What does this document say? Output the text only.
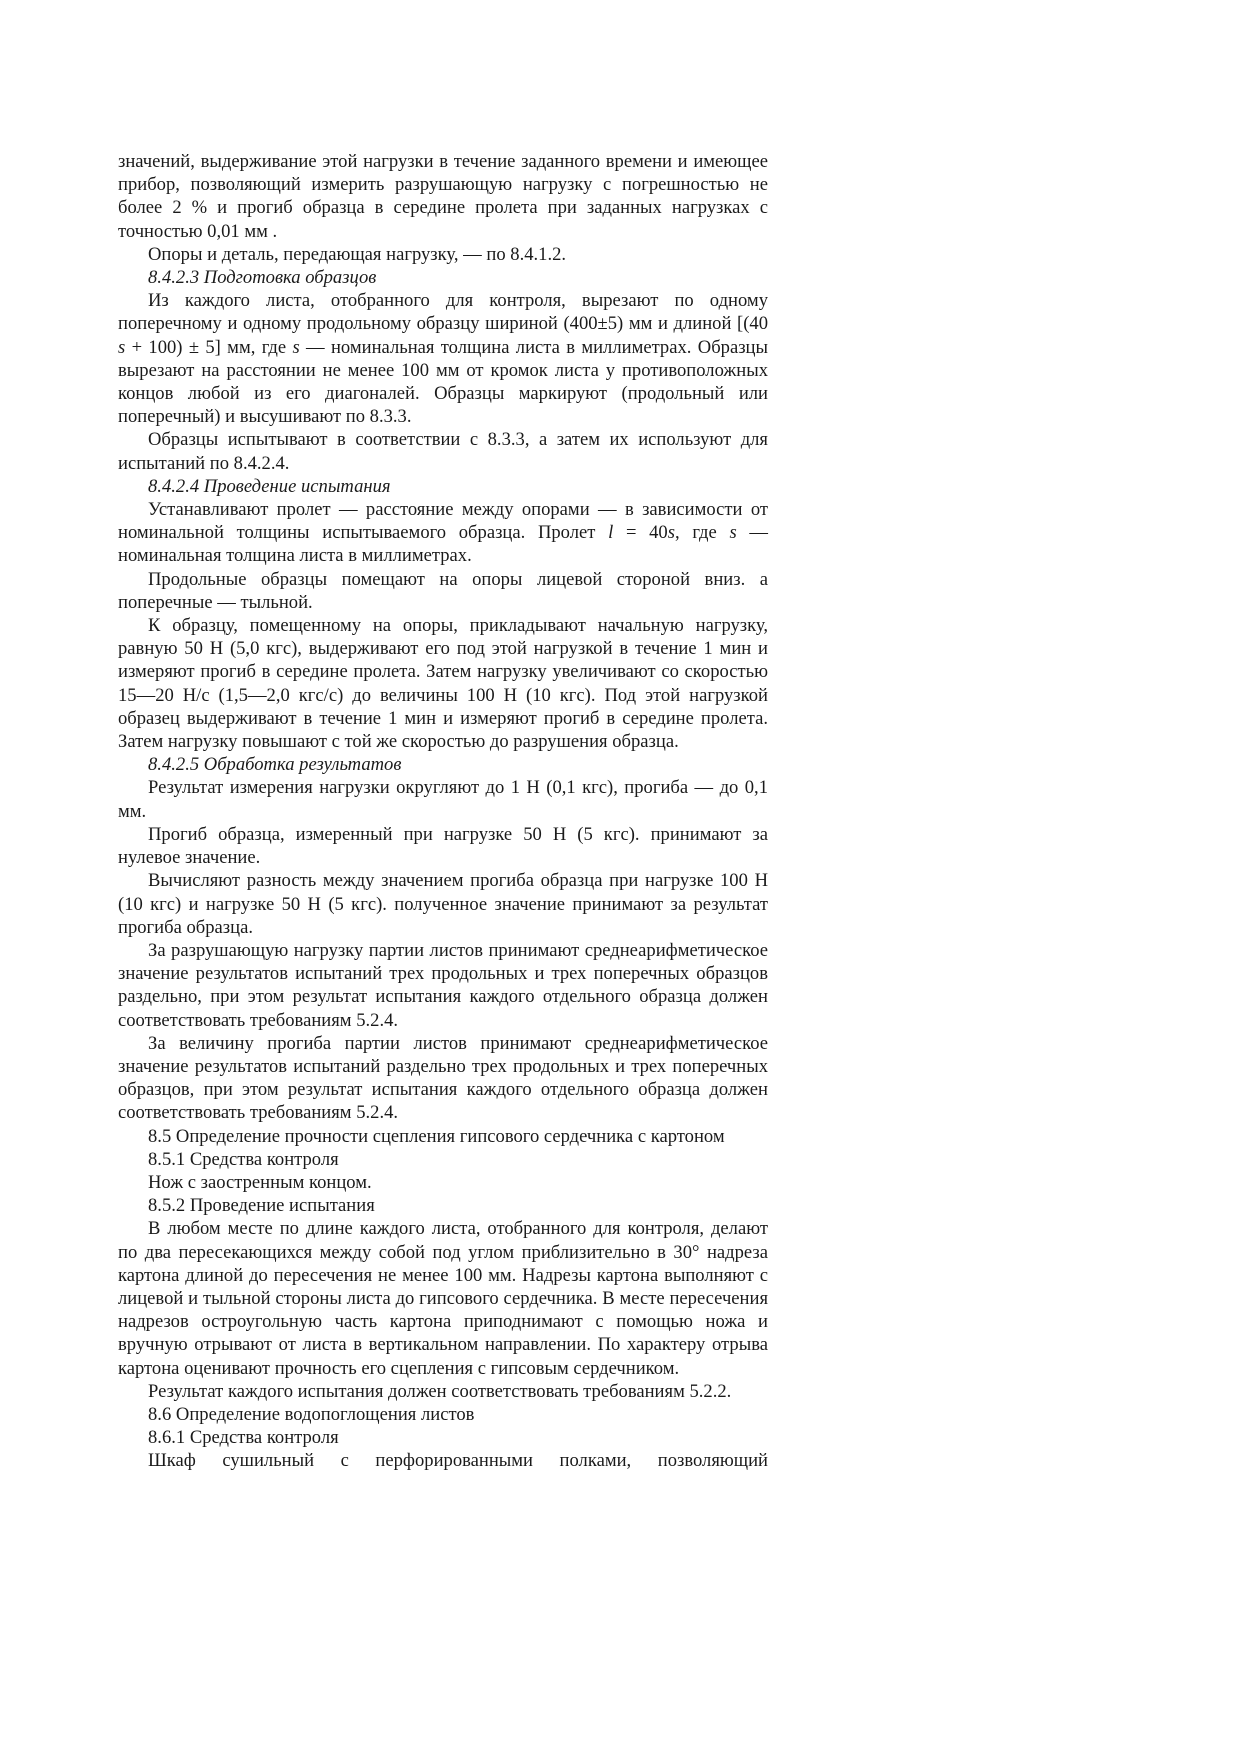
значений, выдерживание этой нагрузки в течение заданного времени и имеющее прибор, позволяющий измерить разрушающую нагрузку с погрешностью не более 2 % и прогиб образца в середине пролета при заданных нагрузках с точностью 0,01 мм .

Опоры и деталь, передающая нагрузку, — по 8.4.1.2.

8.4.2.3 Подготовка образцов

Из каждого листа, отобранного для контроля, вырезают по одному поперечному и одному продольному образцу шириной (400±5) мм и длиной [(40 s + 100) ± 5] мм, где s — номинальная толщина листа в миллиметрах. Образцы вырезают на расстоянии не менее 100 мм от кромок листа у противоположных концов любой из его диагоналей. Образцы маркируют (продольный или поперечный) и высушивают по 8.3.3.

Образцы испытывают в соответствии с 8.3.3, а затем их используют для испытаний по 8.4.2.4.

8.4.2.4 Проведение испытания

Устанавливают пролет — расстояние между опорами — в зависимости от номинальной толщины испытываемого образца. Пролет l = 40s, где s — номинальная толщина листа в миллиметрах.

Продольные образцы помещают на опоры лицевой стороной вниз. а поперечные — тыльной.

К образцу, помещенному на опоры, прикладывают начальную нагрузку, равную 50 Н (5,0 кгс), выдерживают его под этой нагрузкой в течение 1 мин и измеряют прогиб в середине пролета. Затем нагрузку увеличивают со скоростью 15—20 Н/с (1,5—2,0 кгс/с) до величины 100 Н (10 кгс). Под этой нагрузкой образец выдерживают в течение 1 мин и измеряют прогиб в середине пролета. Затем нагрузку повышают с той же скоростью до разрушения образца.

8.4.2.5 Обработка результатов

Результат измерения нагрузки округляют до 1 Н (0,1 кгс), прогиба — до 0,1 мм.

Прогиб образца, измеренный при нагрузке 50 Н (5 кгс). принимают за нулевое значение.

Вычисляют разность между значением прогиба образца при нагрузке 100 Н (10 кгс) и нагрузке 50 Н (5 кгс). полученное значение принимают за результат прогиба образца.

За разрушающую нагрузку партии листов принимают среднеарифметическое значение результатов испытаний трех продольных и трех поперечных образцов раздельно, при этом результат испытания каждого отдельного образца должен соответствовать требованиям 5.2.4.

За величину прогиба партии листов принимают среднеарифметическое значение результатов испытаний раздельно трех продольных и трех поперечных образцов, при этом результат испытания каждого отдельного образца должен соответствовать требованиям 5.2.4.

8.5 Определение прочности сцепления гипсового сердечника с картоном

8.5.1 Средства контроля

Нож с заостренным концом.

8.5.2 Проведение испытания

В любом месте по длине каждого листа, отобранного для контроля, делают по два пересекающихся между собой под углом приблизительно в 30° надреза картона длиной до пересечения не менее 100 мм. Надрезы картона выполняют с лицевой и тыльной стороны листа до гипсового сердечника. В месте пересечения надрезов остроугольную часть картона приподнимают с помощью ножа и вручную отрывают от листа в вертикальном направлении. По характеру отрыва картона оценивают прочность его сцепления с гипсовым сердечником.

Результат каждого испытания должен соответствовать требованиям 5.2.2.

8.6 Определение водопоглощения листов

8.6.1 Средства контроля

Шкаф сушильный с перфорированными полками, позволяющий
